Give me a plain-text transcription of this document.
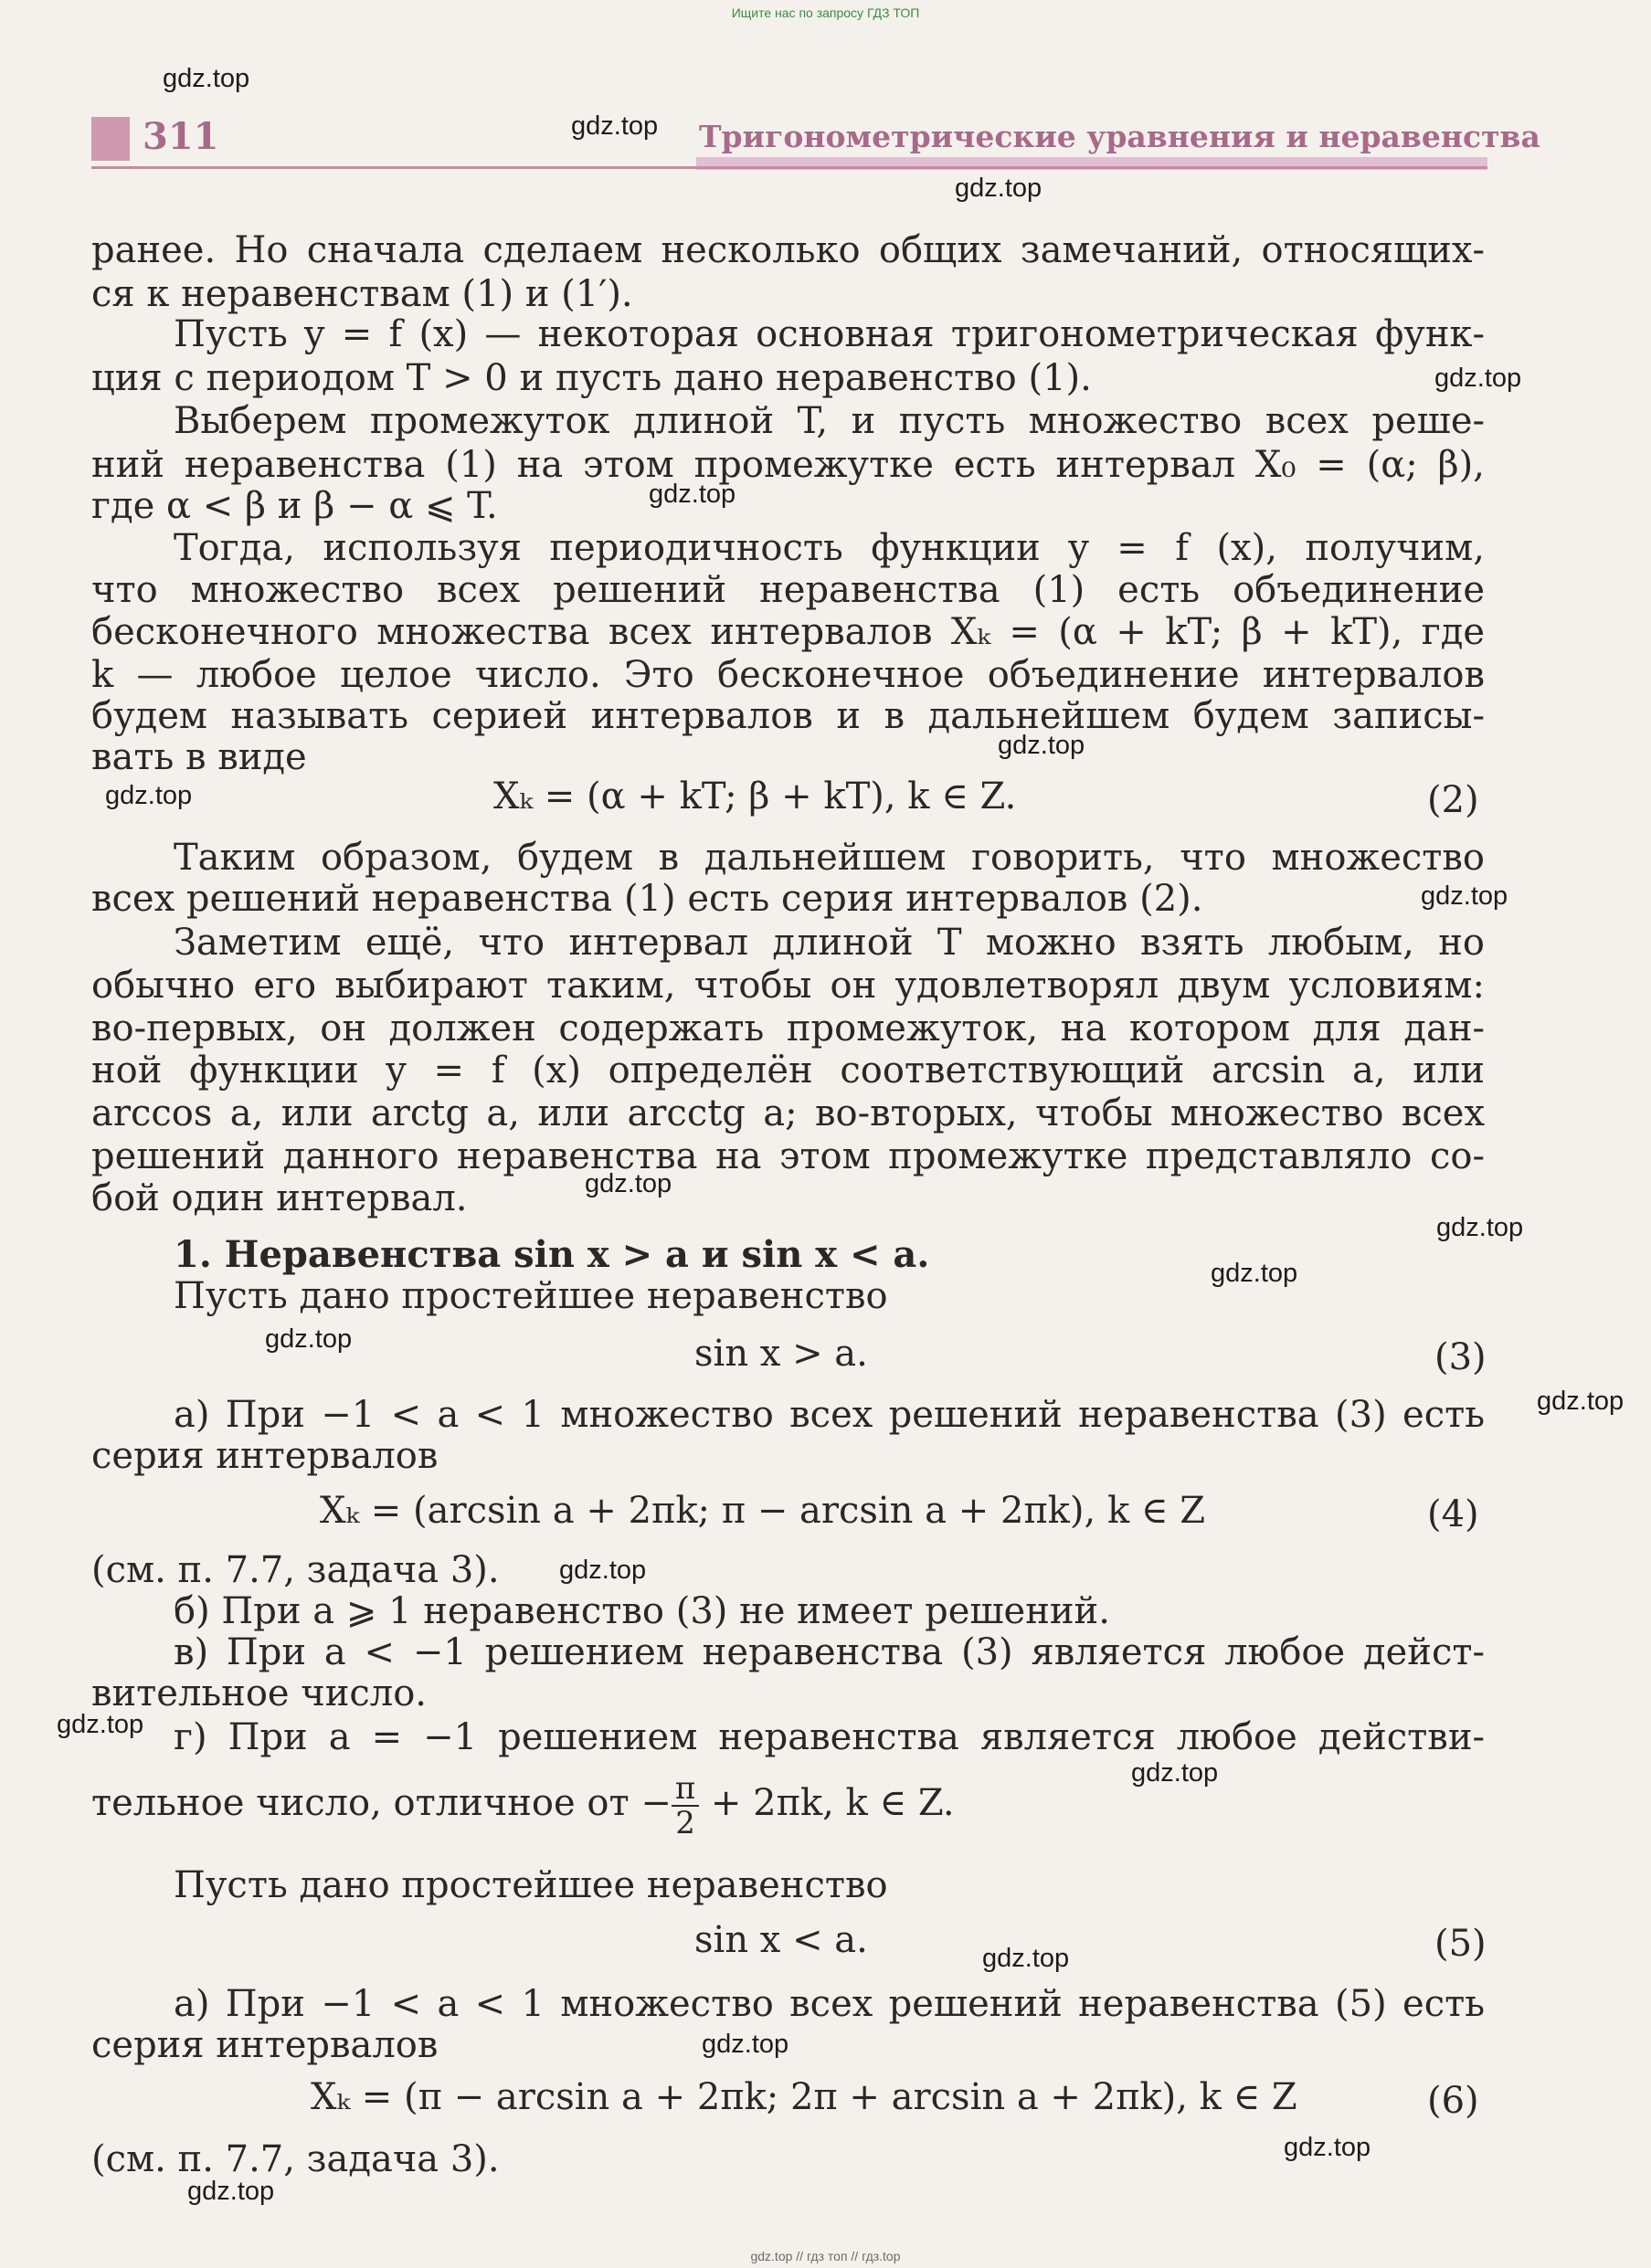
Ищите нас по запросу ГДЗ ТОП
311	Тригонометрические уравнения и неравенства
ранее. Но сначала сделаем несколько общих замечаний, относящих-
ся к неравенствам (1) и (1′).
Пусть y = f (x) — некоторая основная тригонометрическая функ-
ция с периодом T > 0 и пусть дано неравенство (1).
Выберем промежуток длиной T, и пусть множество всех реше-
ний неравенства (1) на этом промежутке есть интервал X₀ = (α; β),
где α < β и β − α ⩽ T.
Тогда, используя периодичность функции y = f (x), получим,
что множество всех решений неравенства (1) есть объединение
бесконечного множества всех интервалов Xₖ = (α + kT; β + kT), где
k — любое целое число. Это бесконечное объединение интервалов
будем называть серией интервалов и в дальнейшем будем записы-
вать в виде
Xₖ = (α + kT; β + kT), k ∈ Z.	(2)
Таким образом, будем в дальнейшем говорить, что множество
всех решений неравенства (1) есть серия интервалов (2).
Заметим ещё, что интервал длиной T можно взять любым, но
обычно его выбирают таким, чтобы он удовлетворял двум условиям:
во-первых, он должен содержать промежуток, на котором для дан-
ной функции y = f (x) определён соответствующий arcsin a, или
arccos a, или arctg a, или arcctg a; во-вторых, чтобы множество всех
решений данного неравенства на этом промежутке представляло со-
бой один интервал.
1. Неравенства sin x > a и sin x < a.
Пусть дано простейшее неравенство
sin x > a.	(3)
а) При −1 < a < 1 множество всех решений неравенства (3) есть
серия интервалов
Xₖ = (arcsin a + 2πk; π − arcsin a + 2πk), k ∈ Z	(4)
(см. п. 7.7, задача 3).
б) При a ⩾ 1 неравенство (3) не имеет решений.
в) При a < −1 решением неравенства (3) является любое дейст-
вительное число.
г) При a = −1 решением неравенства является любое действи-
тельное число, отличное от − $\frac{\pi}{2} + 2\pi k$, k ∈ Z.
Пусть дано простейшее неравенство
sin x < a.	(5)
а) При −1 < a < 1 множество всех решений неравенства (5) есть
серия интервалов
Xₖ = (π − arcsin a + 2πk; 2π + arcsin a + 2πk), k ∈ Z	(6)
(см. п. 7.7, задача 3).
gdz.top
gdz.top
gdz.top
gdz.top
gdz.top
gdz.top
gdz.top
gdz.top
gdz.top
gdz.top
gdz.top
gdz.top
gdz.top
gdz.top
gdz.top
gdz.top
gdz.top
gdz.top
gdz.top
gdz.top
gdz.top // гдз топ // гдз.top
